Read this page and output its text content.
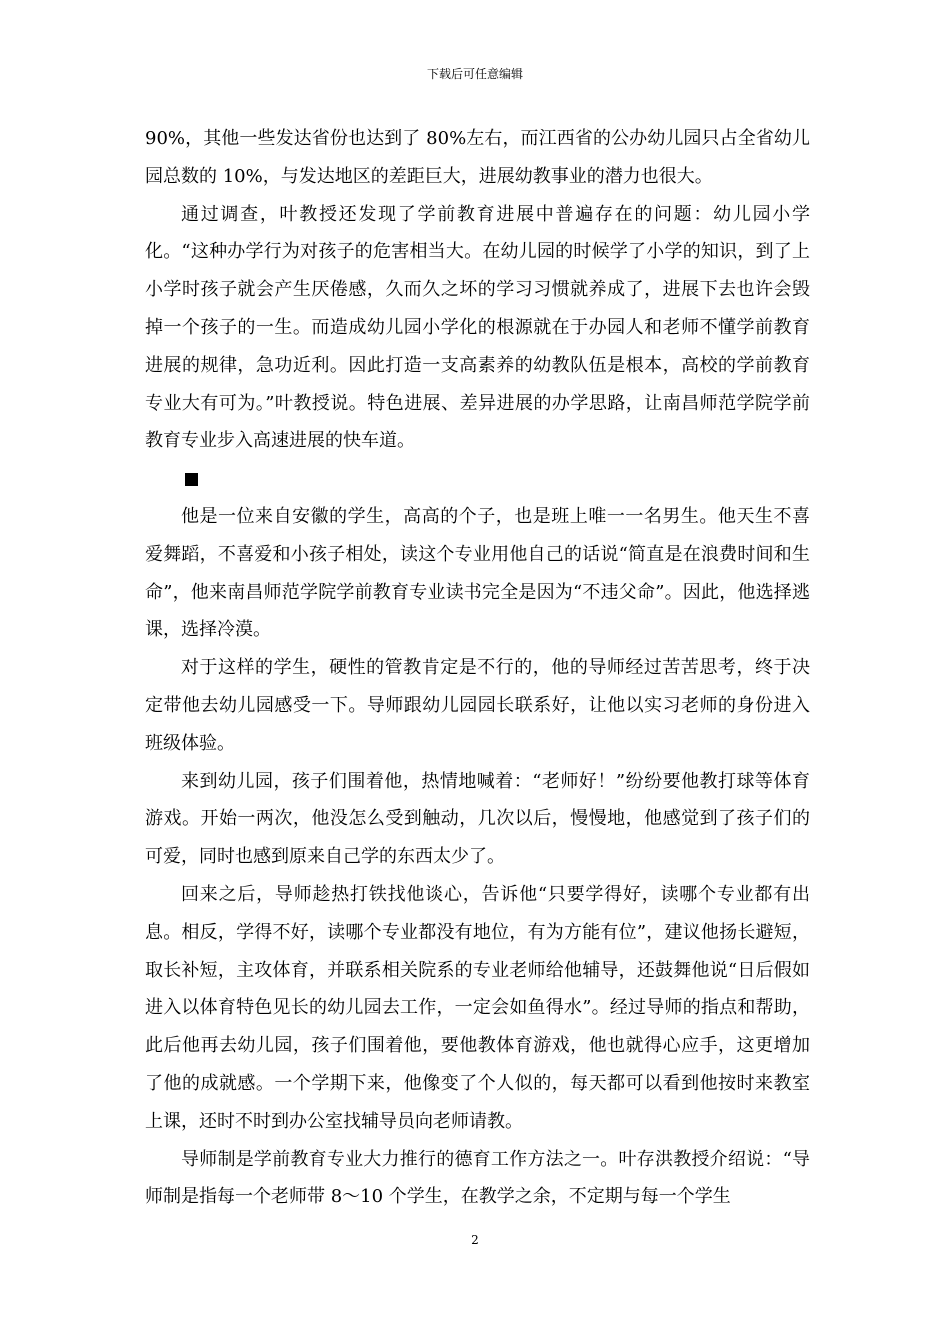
下载后可任意编辑

90%，其他一些发达省份也达到了 80%左右，而江西省的公办幼儿园只占全省幼儿园总数的 10%，与发达地区的差距巨大，进展幼教事业的潜力也很大。

通过调查，叶教授还发现了学前教育进展中普遍存在的问题：幼儿园小学化。“这种办学行为对孩子的危害相当大。在幼儿园的时候学了小学的知识，到了上小学时孩子就会产生厌倦感，久而久之坏的学习习惯就养成了，进展下去也许会毁掉一个孩子的一生。而造成幼儿园小学化的根源就在于办园人和老师不懂学前教育进展的规律，急功近利。因此打造一支高素养的幼教队伍是根本，高校的学前教育专业大有可为。”叶教授说。特色进展、差异进展的办学思路，让南昌师范学院学前教育专业步入高速进展的快车道。

他是一位来自安徽的学生，高高的个子，也是班上唯一一名男生。他天生不喜爱舞蹈，不喜爱和小孩子相处，读这个专业用他自己的话说“简直是在浪费时间和生命”，他来南昌师范学院学前教育专业读书完全是因为“不违父命”。因此，他选择逃课，选择冷漠。

对于这样的学生，硬性的管教肯定是不行的，他的导师经过苦苦思考，终于决定带他去幼儿园感受一下。导师跟幼儿园园长联系好，让他以实习老师的身份进入班级体验。

来到幼儿园，孩子们围着他，热情地喊着：“老师好！”纷纷要他教打球等体育游戏。开始一两次，他没怎么受到触动，几次以后，慢慢地，他感觉到了孩子们的可爱，同时也感到原来自己学的东西太少了。

回来之后，导师趁热打铁找他谈心，告诉他“只要学得好，读哪个专业都有出息。相反，学得不好，读哪个专业都没有地位，有为方能有位”，建议他扬长避短，取长补短，主攻体育，并联系相关院系的专业老师给他辅导，还鼓舞他说“日后假如进入以体育特色见长的幼儿园去工作，一定会如鱼得水”。经过导师的指点和帮助，此后他再去幼儿园，孩子们围着他，要他教体育游戏，他也就得心应手，这更增加了他的成就感。一个学期下来，他像变了个人似的，每天都可以看到他按时来教室上课，还时不时到办公室找辅导员向老师请教。

导师制是学前教育专业大力推行的德育工作方法之一。叶存洪教授介绍说：“导师制是指每一个老师带 8～10 个学生，在教学之余，不定期与每一个学生

2
